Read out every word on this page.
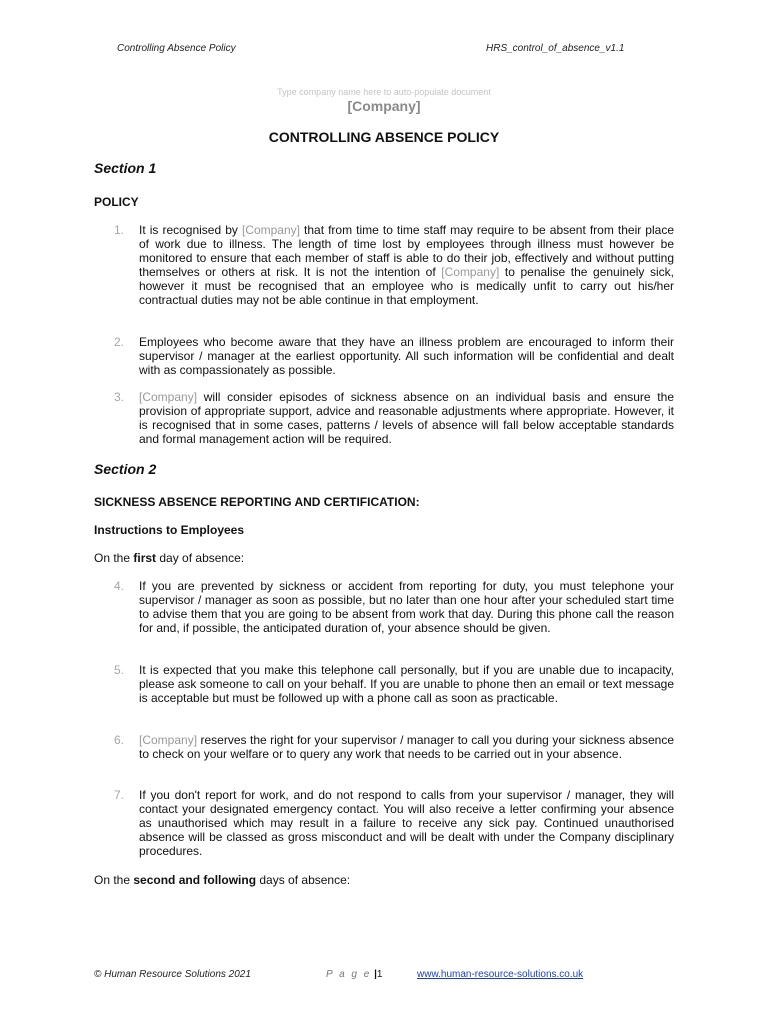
Controlling Absence Policy	HRS_control_of_absence_v1.1
Type company name here to auto-populate document
[Company]
CONTROLLING ABSENCE POLICY
Section 1
POLICY
1. It is recognised by [Company] that from time to time staff may require to be absent from their place of work due to illness. The length of time lost by employees through illness must however be monitored to ensure that each member of staff is able to do their job, effectively and without putting themselves or others at risk. It is not the intention of [Company] to penalise the genuinely sick, however it must be recognised that an employee who is medically unfit to carry out his/her contractual duties may not be able continue in that employment.
2. Employees who become aware that they have an illness problem are encouraged to inform their supervisor / manager at the earliest opportunity. All such information will be confidential and dealt with as compassionately as possible.
3. [Company] will consider episodes of sickness absence on an individual basis and ensure the provision of appropriate support, advice and reasonable adjustments where appropriate. However, it is recognised that in some cases, patterns / levels of absence will fall below acceptable standards and formal management action will be required.
Section 2
SICKNESS ABSENCE REPORTING AND CERTIFICATION:
Instructions to Employees
On the first day of absence:
4. If you are prevented by sickness or accident from reporting for duty, you must telephone your supervisor / manager as soon as possible, but no later than one hour after your scheduled start time to advise them that you are going to be absent from work that day. During this phone call the reason for and, if possible, the anticipated duration of, your absence should be given.
5. It is expected that you make this telephone call personally, but if you are unable due to incapacity, please ask someone to call on your behalf. If you are unable to phone then an email or text message is acceptable but must be followed up with a phone call as soon as practicable.
6. [Company] reserves the right for your supervisor / manager to call you during your sickness absence to check on your welfare or to query any work that needs to be carried out in your absence.
7. If you don't report for work, and do not respond to calls from your supervisor / manager, they will contact your designated emergency contact. You will also receive a letter confirming your absence as unauthorised which may result in a failure to receive any sick pay. Continued unauthorised absence will be classed as gross misconduct and will be dealt with under the Company disciplinary procedures.
On the second and following days of absence:
© Human Resource Solutions 2021	P a g e |1	www.human-resource-solutions.co.uk
